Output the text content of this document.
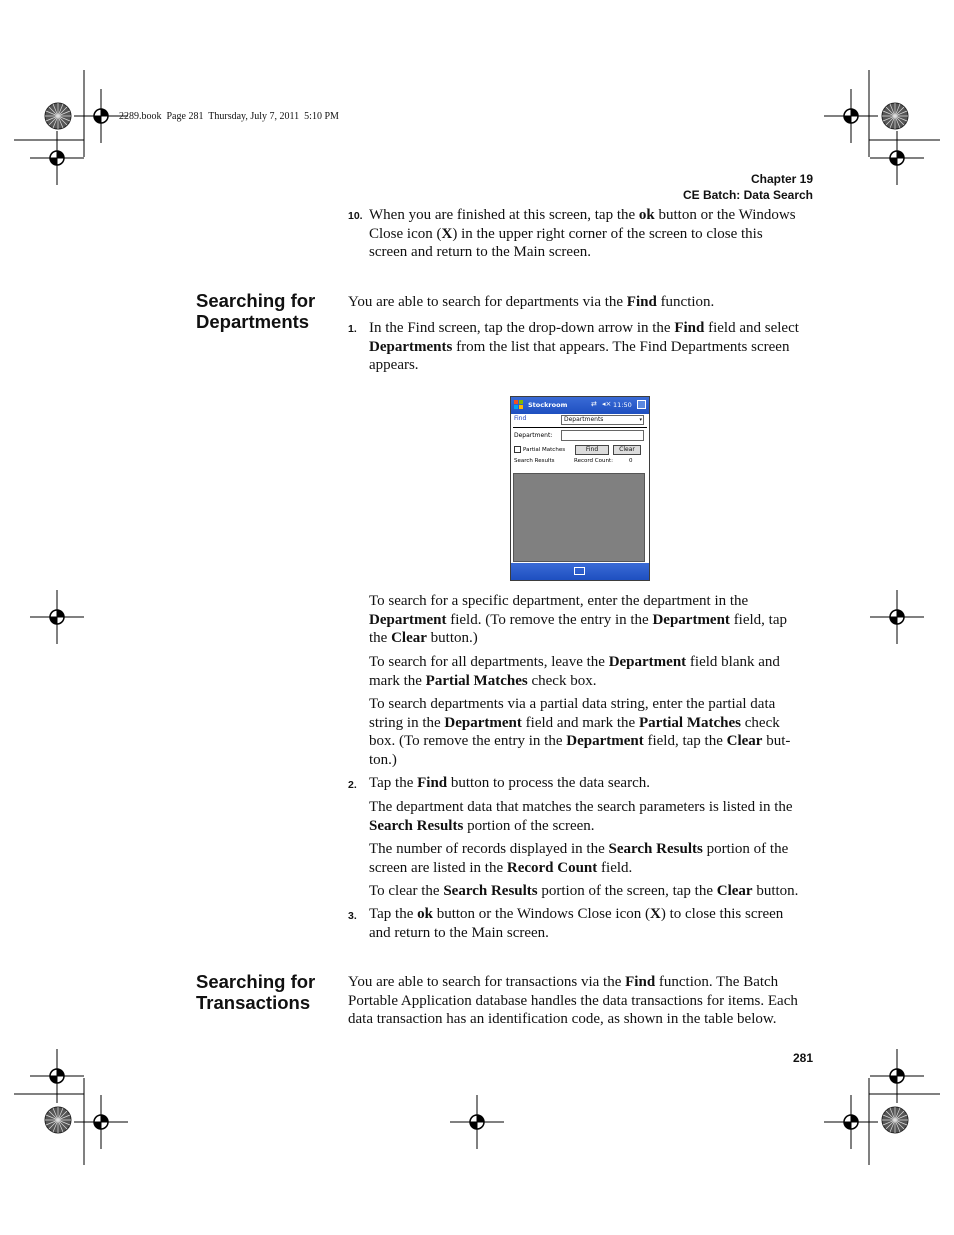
2289.book  Page 281  Thursday, July 7, 2011  5:10 PM
Chapter 19
CE Batch: Data Search
10. When you are finished at this screen, tap the ok button or the Windows
Close icon (X) in the upper right corner of the screen to close this
screen and return to the Main screen.
Searching for
Departments
You are able to search for departments via the Find function.
1. In the Find screen, tap the drop-down arrow in the Find field and select
Departments from the list that appears. The Find Departments screen
appears.
Stockroom	⇄ ◂× 11:50
Find	Departments	▾
Department:
Partial Matches	Find	Clear
Search Results	Record Count:	0
To search for a specific department, enter the department in the
Department field. (To remove the entry in the Department field, tap
the Clear button.)
To search for all departments, leave the Department field blank and
mark the Partial Matches check box.
To search departments via a partial data string, enter the partial data
string in the Department field and mark the Partial Matches check
box. (To remove the entry in the Department field, tap the Clear but-
ton.)
2. Tap the Find button to process the data search.
The department data that matches the search parameters is listed in the
Search Results portion of the screen.
The number of records displayed in the Search Results portion of the
screen are listed in the Record Count field.
To clear the Search Results portion of the screen, tap the Clear button.
3. Tap the ok button or the Windows Close icon (X) to close this screen
and return to the Main screen.
Searching for
Transactions
You are able to search for transactions via the Find function. The Batch
Portable Application database handles the data transactions for items. Each
data transaction has an identification code, as shown in the table below.
281
